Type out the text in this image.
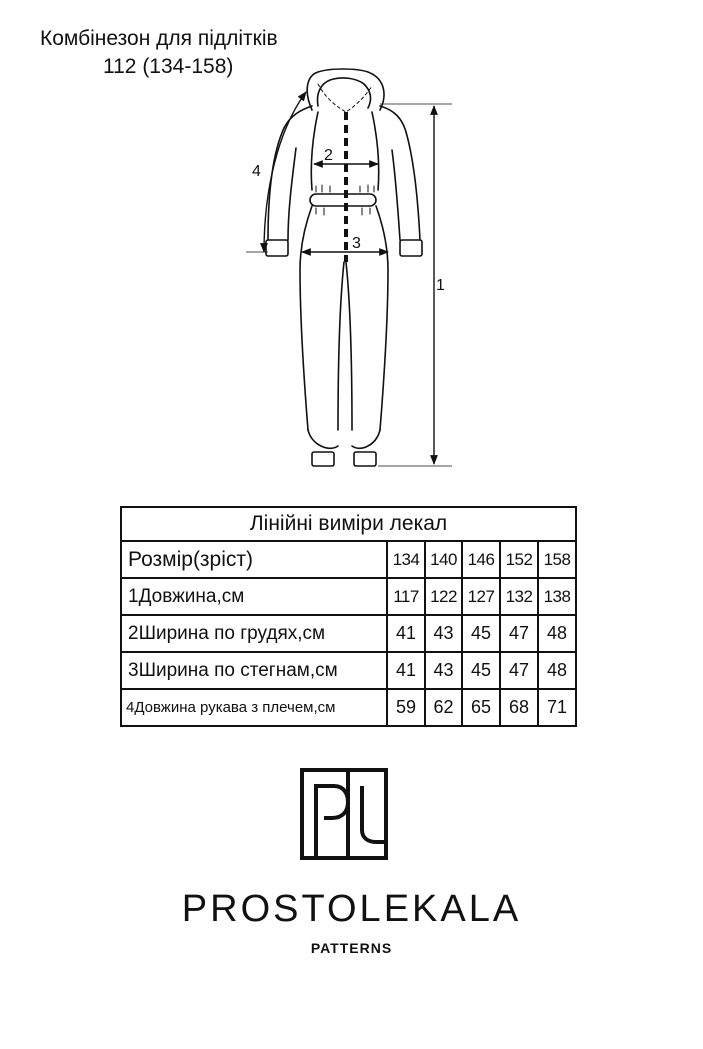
Комбінезон для підлітків
112 (134-158)
1
2
3
4
Лінійні виміри лекал					
Розмір(зріст)	134	140	146	152	158
1Довжина,см	117	122	127	132	138
2Ширина по грудях,см	41	43	45	47	48
3Ширина по стегнам,см	41	43	45	47	48
4Довжина рукава з плечем,см	59	62	65	68	71
PROSTOLEKALA
PATTERNS
